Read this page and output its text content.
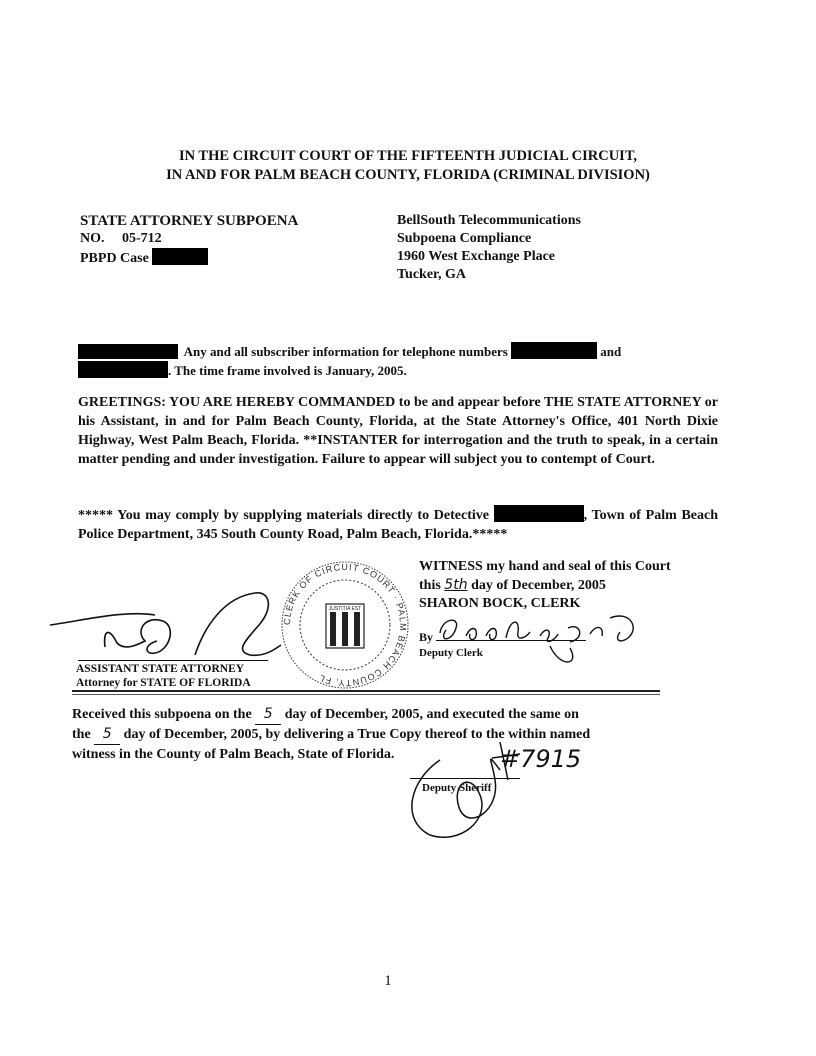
IN THE CIRCUIT COURT OF THE FIFTEENTH JUDICIAL CIRCUIT,
IN AND FOR PALM BEACH COUNTY, FLORIDA (CRIMINAL DIVISION)
STATE ATTORNEY SUBPOENA
NO. 05-712
PBPD Case
BellSouth Telecommunications
Subpoena Compliance
1960 West Exchange Place
Tucker, GA
DUCES TECUM: Any and all subscriber information for telephone numbers	and
. The time frame involved is January, 2005.
GREETINGS: YOU ARE HEREBY COMMANDED to be and appear before THE STATE ATTORNEY or his Assistant, in and for Palm Beach County, Florida, at the State Attorney's Office, 401 North Dixie Highway, West Palm Beach, Florida. **INSTANTER for interrogation and the truth to speak, in a certain matter pending and under investigation. Failure to appear will subject you to contempt of Court.
***** You may comply by supplying materials directly to Detective	, Town of Palm Beach Police Department, 345 South County Road, Palm Beach, Florida.*****
ASSISTANT STATE ATTORNEY
Attorney for STATE OF FLORIDA
CLERK OF CIRCUIT COURT · PALM BEACH COUNTY, FL
JUSTITIA EST
WITNESS my hand and seal of this Court
this 5th day of December, 2005
SHARON BOCK, CLERK
By
Deputy Clerk
Received this subpoena on the 5 day of December, 2005, and executed the same on
the 5 day of December, 2005, by delivering a True Copy thereof to the within named
witness in the County of Palm Beach, State of Florida.	#7915
Deputy Sheriff
1
